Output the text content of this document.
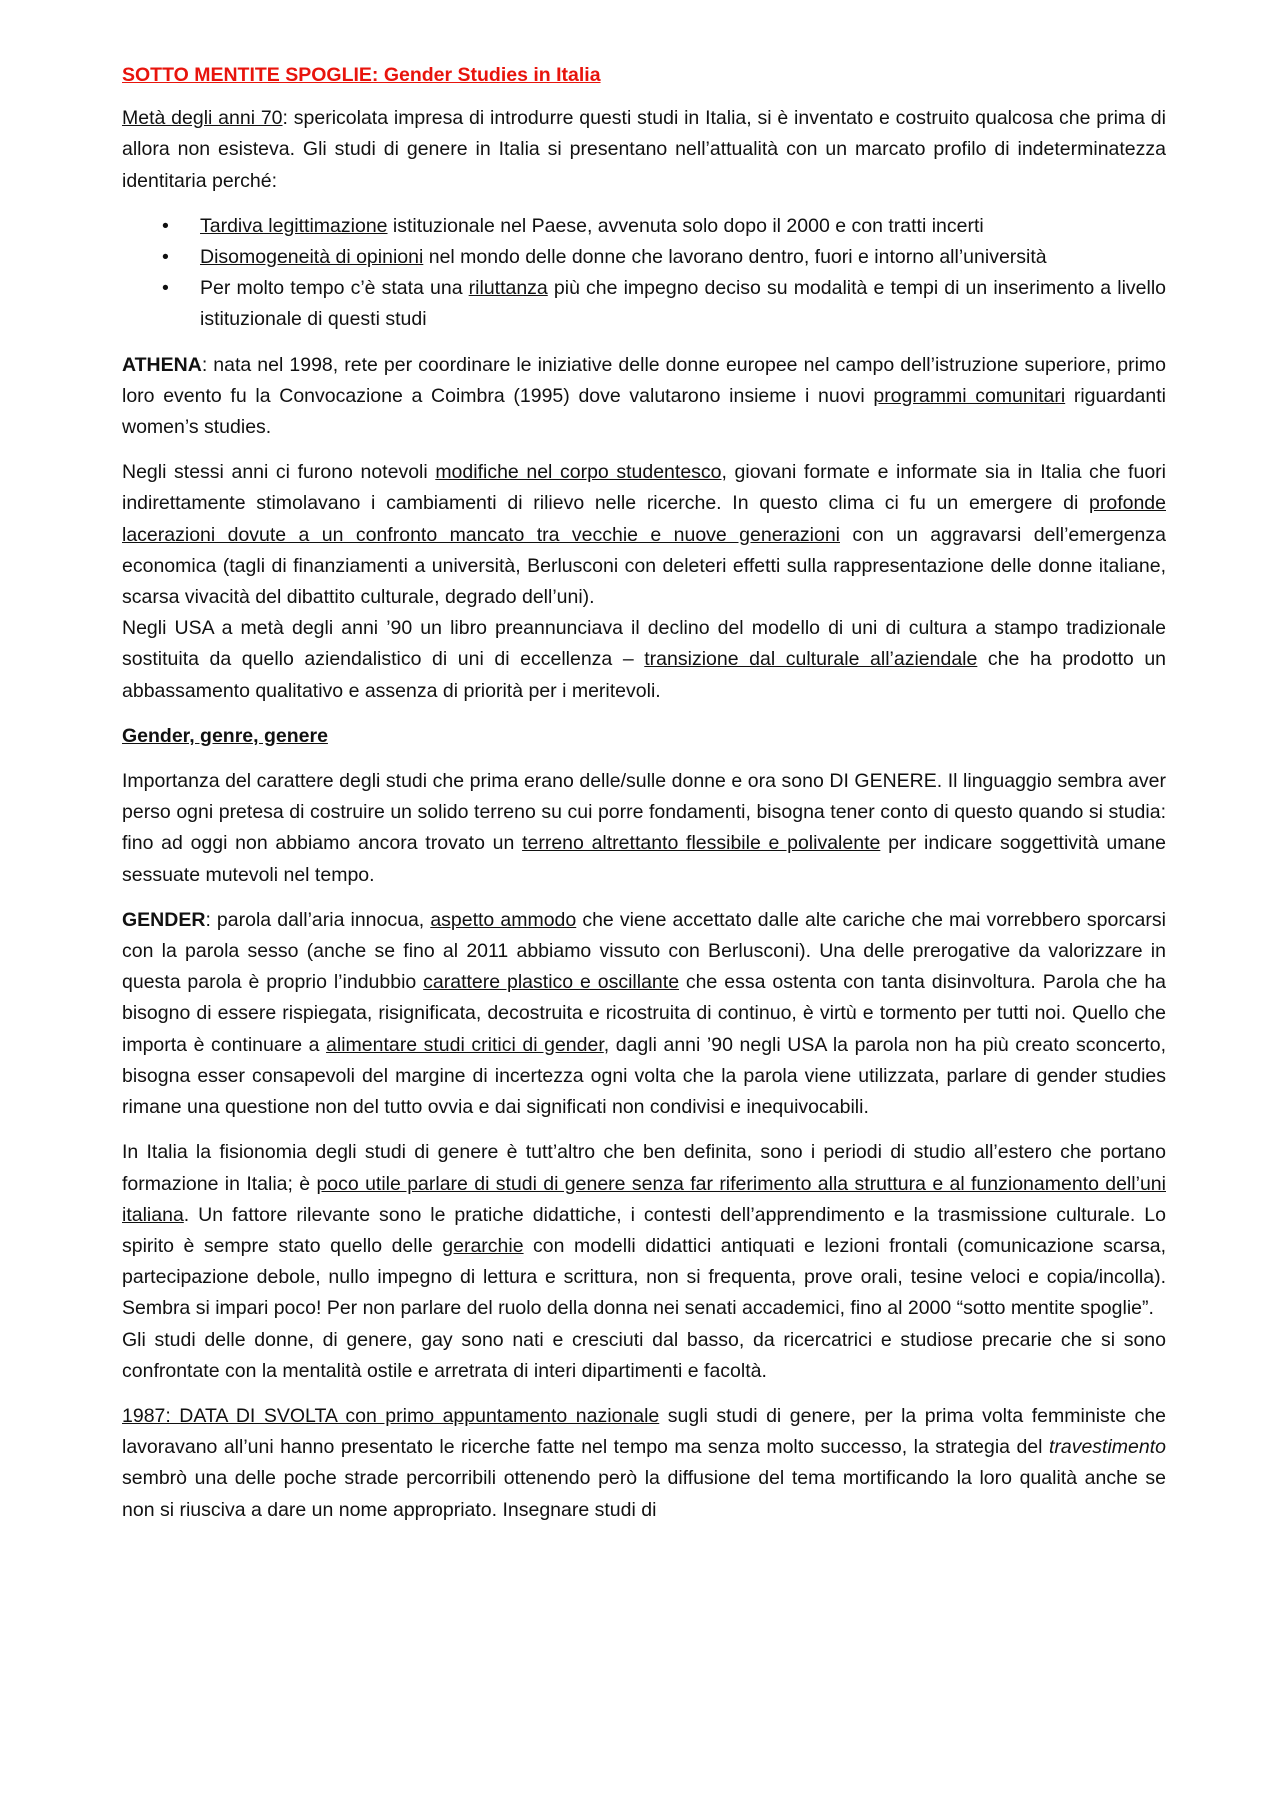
SOTTO MENTITE SPOGLIE: Gender Studies in Italia

Metà degli anni 70: spericolata impresa di introdurre questi studi in Italia, si è inventato e costruito qualcosa che prima di allora non esisteva. Gli studi di genere in Italia si presentano nell’attualità con un marcato profilo di indeterminatezza identitaria perché:

• Tardiva legittimazione istituzionale nel Paese, avvenuta solo dopo il 2000 e con tratti incerti
• Disomogeneità di opinioni nel mondo delle donne che lavorano dentro, fuori e intorno all’università
• Per molto tempo c’è stata una riluttanza più che impegno deciso su modalità e tempi di un inserimento a livello istituzionale di questi studi

ATHENA: nata nel 1998, rete per coordinare le iniziative delle donne europee nel campo dell’istruzione superiore, primo loro evento fu la Convocazione a Coimbra (1995) dove valutarono insieme i nuovi programmi comunitari riguardanti women’s studies.

Negli stessi anni ci furono notevoli modifiche nel corpo studentesco, giovani formate e informate sia in Italia che fuori indirettamente stimolavano i cambiamenti di rilievo nelle ricerche. In questo clima ci fu un emergere di profonde lacerazioni dovute a un confronto mancato tra vecchie e nuove generazioni con un aggravarsi dell’emergenza economica (tagli di finanziamenti a università, Berlusconi con deleteri effetti sulla rappresentazione delle donne italiane, scarsa vivacità del dibattito culturale, degrado dell’uni).

Negli USA a metà degli anni ’90 un libro preannunciava il declino del modello di uni di cultura a stampo tradizionale sostituita da quello aziendalistico di uni di eccellenza – transizione dal culturale all’aziendale che ha prodotto un abbassamento qualitativo e assenza di priorità per i meritevoli.

Gender, genre, genere

Importanza del carattere degli studi che prima erano delle/sulle donne e ora sono DI GENERE. Il linguaggio sembra aver perso ogni pretesa di costruire un solido terreno su cui porre fondamenti, bisogna tener conto di questo quando si studia: fino ad oggi non abbiamo ancora trovato un terreno altrettanto flessibile e polivalente per indicare soggettività umane sessuate mutevoli nel tempo.

GENDER: parola dall’aria innocua, aspetto ammodo che viene accettato dalle alte cariche che mai vorrebbero sporcarsi con la parola sesso (anche se fino al 2011 abbiamo vissuto con Berlusconi). Una delle prerogative da valorizzare in questa parola è proprio l’indubbio carattere plastico e oscillante che essa ostenta con tanta disinvoltura. Parola che ha bisogno di essere rispiegata, risignificata, decostruita e ricostruita di continuo, è virtù e tormento per tutti noi. Quello che importa è continuare a alimentare studi critici di gender, dagli anni ’90 negli USA la parola non ha più creato sconcerto, bisogna esser consapevoli del margine di incertezza ogni volta che la parola viene utilizzata, parlare di gender studies rimane una questione non del tutto ovvia e dai significati non condivisi e inequivocabili.

In Italia la fisionomia degli studi di genere è tutt’altro che ben definita, sono i periodi di studio all’estero che portano formazione in Italia; è poco utile parlare di studi di genere senza far riferimento alla struttura e al funzionamento dell’uni italiana. Un fattore rilevante sono le pratiche didattiche, i contesti dell’apprendimento e la trasmissione culturale. Lo spirito è sempre stato quello delle gerarchie con modelli didattici antiquati e lezioni frontali (comunicazione scarsa, partecipazione debole, nullo impegno di lettura e scrittura, non si frequenta, prove orali, tesine veloci e copia/incolla). Sembra si impari poco! Per non parlare del ruolo della donna nei senati accademici, fino al 2000 “sotto mentite spoglie”.

Gli studi delle donne, di genere, gay sono nati e cresciuti dal basso, da ricercatrici e studiose precarie che si sono confrontate con la mentalità ostile e arretrata di interi dipartimenti e facoltà.

1987: DATA DI SVOLTA con primo appuntamento nazionale sugli studi di genere, per la prima volta femministe che lavoravano all’uni hanno presentato le ricerche fatte nel tempo ma senza molto successo, la strategia del travestimento sembrò una delle poche strade percorribili ottenendo però la diffusione del tema mortificando la loro qualità anche se non si riusciva a dare un nome appropriato. Insegnare studi di
